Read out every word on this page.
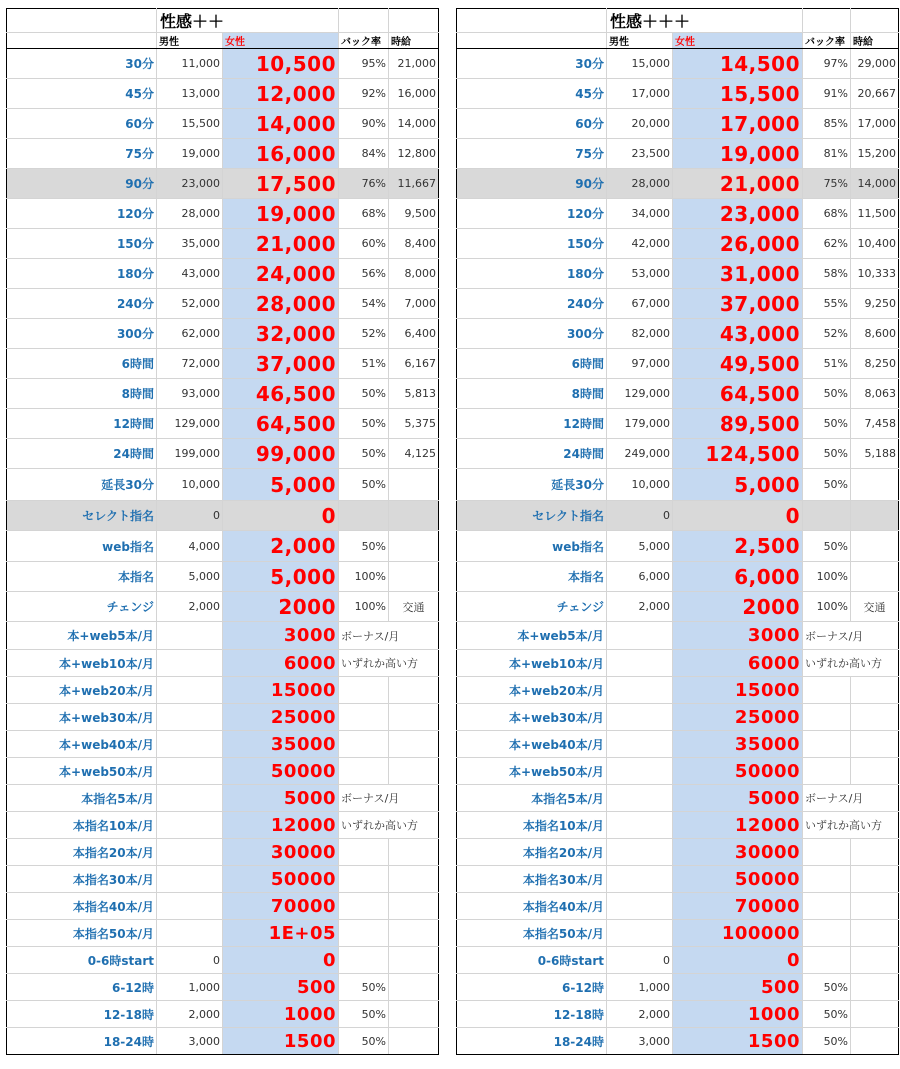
	性感＋＋			
	男性	女性	バック率	時給
30分	11,000	10,500	95%	21,000
45分	13,000	12,000	92%	16,000
60分	15,500	14,000	90%	14,000
75分	19,000	16,000	84%	12,800
90分	23,000	17,500	76%	11,667
120分	28,000	19,000	68%	9,500
150分	35,000	21,000	60%	8,400
180分	43,000	24,000	56%	8,000
240分	52,000	28,000	54%	7,000
300分	62,000	32,000	52%	6,400
6時間	72,000	37,000	51%	6,167
8時間	93,000	46,500	50%	5,813
12時間	129,000	64,500	50%	5,375
24時間	199,000	99,000	50%	4,125
延長30分	10,000	5,000	50%	
セレクト指名	0	0		
web指名	4,000	2,000	50%	
本指名	5,000	5,000	100%	
チェンジ	2,000	2000	100%	交通
本+web5本/月		3000	ボーナス/月	
本+web10本/月		6000	いずれか高い方	
本+web20本/月		15000		
本+web30本/月		25000		
本+web40本/月		35000		
本+web50本/月		50000		
本指名5本/月		5000	ボーナス/月	
本指名10本/月		12000	いずれか高い方	
本指名20本/月		30000		
本指名30本/月		50000		
本指名40本/月		70000		
本指名50本/月		1E+05		
0-6時start	0	0		
6-12時	1,000	500	50%	
12-18時	2,000	1000	50%	
18-24時	3,000	1500	50%	
	性感＋＋＋			
	男性	女性	バック率	時給
30分	15,000	14,500	97%	29,000
45分	17,000	15,500	91%	20,667
60分	20,000	17,000	85%	17,000
75分	23,500	19,000	81%	15,200
90分	28,000	21,000	75%	14,000
120分	34,000	23,000	68%	11,500
150分	42,000	26,000	62%	10,400
180分	53,000	31,000	58%	10,333
240分	67,000	37,000	55%	9,250
300分	82,000	43,000	52%	8,600
6時間	97,000	49,500	51%	8,250
8時間	129,000	64,500	50%	8,063
12時間	179,000	89,500	50%	7,458
24時間	249,000	124,500	50%	5,188
延長30分	10,000	5,000	50%	
セレクト指名	0	0		
web指名	5,000	2,500	50%	
本指名	6,000	6,000	100%	
チェンジ	2,000	2000	100%	交通
本+web5本/月		3000	ボーナス/月	
本+web10本/月		6000	いずれか高い方	
本+web20本/月		15000		
本+web30本/月		25000		
本+web40本/月		35000		
本+web50本/月		50000		
本指名5本/月		5000	ボーナス/月	
本指名10本/月		12000	いずれか高い方	
本指名20本/月		30000		
本指名30本/月		50000		
本指名40本/月		70000		
本指名50本/月		100000		
0-6時start	0	0		
6-12時	1,000	500	50%	
12-18時	2,000	1000	50%	
18-24時	3,000	1500	50%	
